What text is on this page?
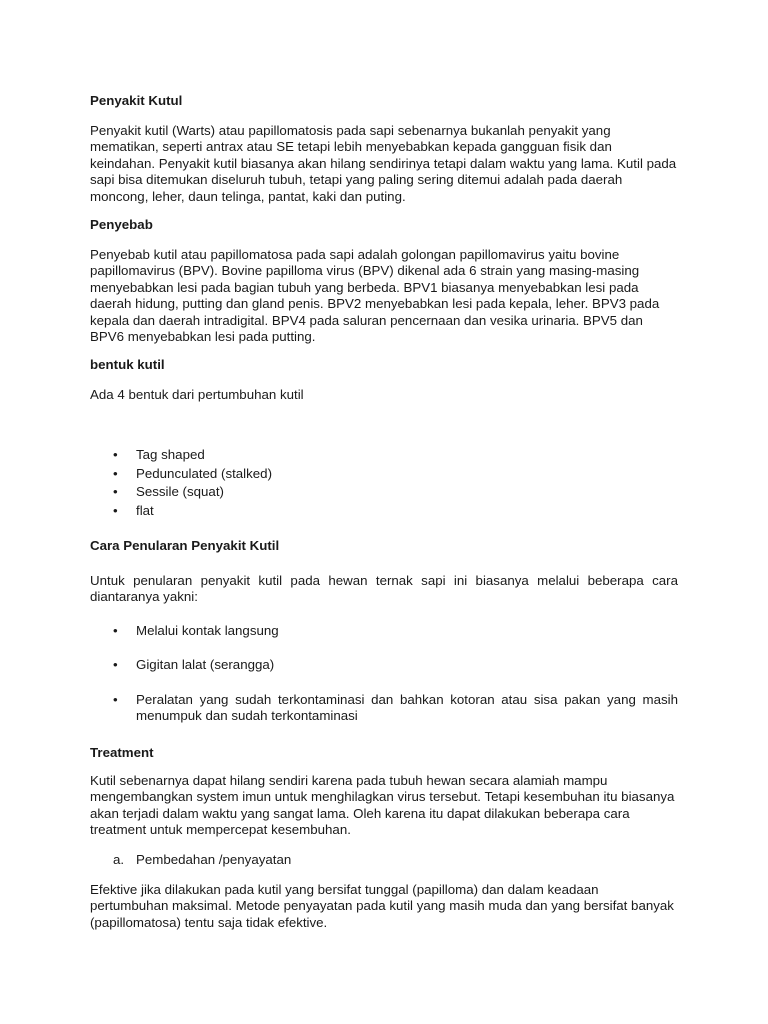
Penyakit Kutul

Penyakit kutil (Warts) atau papillomatosis pada sapi sebenarnya bukanlah penyakit yang mematikan, seperti antrax atau SE tetapi lebih menyebabkan kepada gangguan fisik dan keindahan. Penyakit kutil biasanya akan hilang sendirinya tetapi dalam waktu yang lama. Kutil pada sapi bisa ditemukan diseluruh tubuh, tetapi yang paling sering ditemui adalah pada daerah moncong, leher, daun telinga, pantat, kaki dan puting.

Penyebab

Penyebab kutil atau papillomatosa pada sapi adalah golongan papillomavirus yaitu bovine papillomavirus (BPV). Bovine papilloma virus (BPV) dikenal ada 6 strain yang masing-masing menyebabkan lesi pada bagian tubuh yang berbeda. BPV1 biasanya menyebabkan lesi pada daerah hidung, putting dan gland penis. BPV2 menyebabkan lesi pada kepala, leher. BPV3 pada kepala dan daerah intradigital. BPV4 pada saluran pencernaan dan vesika urinaria. BPV5 dan BPV6 menyebabkan lesi pada putting.

bentuk kutil

Ada 4 bentuk dari pertumbuhan kutil

• Tag shaped
• Pedunculated (stalked)
• Sessile (squat)
• flat

Cara Penularan Penyakit Kutil

Untuk penularan penyakit kutil pada hewan ternak sapi ini biasanya melalui beberapa cara diantaranya yakni:

• Melalui kontak langsung
• Gigitan lalat (serangga)
• Peralatan yang sudah terkontaminasi dan bahkan kotoran atau sisa pakan yang masih menumpuk dan sudah terkontaminasi

Treatment

Kutil sebenarnya dapat hilang sendiri karena pada tubuh hewan secara alamiah mampu mengembangkan system imun untuk menghilagkan virus tersebut. Tetapi kesembuhan itu biasanya akan terjadi dalam waktu yang sangat lama. Oleh karena itu dapat dilakukan beberapa cara treatment untuk mempercepat kesembuhan.

a. Pembedahan /penyayatan

Efektive jika dilakukan pada kutil yang bersifat tunggal (papilloma) dan dalam keadaan pertumbuhan maksimal. Metode penyayatan pada kutil yang masih muda dan yang bersifat banyak (papillomatosa) tentu saja tidak efektive.
